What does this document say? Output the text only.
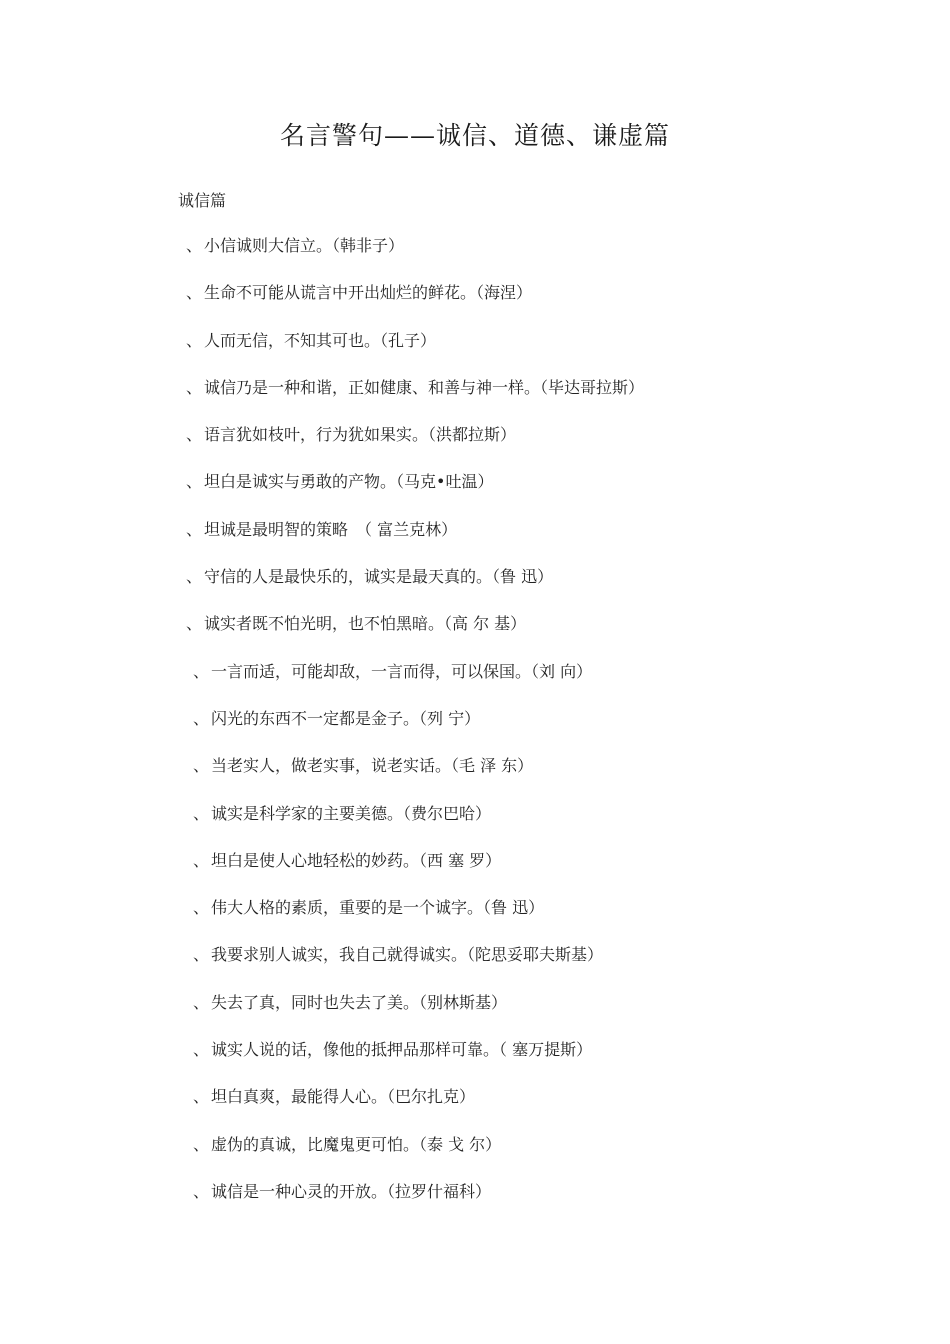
名言警句——诚信、道德、谦虚篇
诚信篇
、 小信诚则大信立。（韩非子）
、 生命不可能从谎言中开出灿烂的鲜花。（海涅）
、 人而无信，不知其可也。（孔子）
、 诚信乃是一种和谐，正如健康、和善与神一样。（毕达哥拉斯）
、 语言犹如枝叶，行为犹如果实。（洪都拉斯）
、 坦白是诚实与勇敢的产物。（马克•吐温）
、 坦诚是最明智的策略　（ 富兰克林）
、 守信的人是最快乐的，诚实是最天真的。（鲁 迅）
、 诚实者既不怕光明，也不怕黑暗。（高 尔 基）
、 一言而适，可能却敌，一言而得，可以保国。（刘 向）
、 闪光的东西不一定都是金子。（列 宁）
、 当老实人，做老实事，说老实话。（毛 泽 东）
、 诚实是科学家的主要美德。（费尔巴哈）
、 坦白是使人心地轻松的妙药。（西 塞 罗）
、 伟大人格的素质，重要的是一个诚字。（鲁 迅）
、 我要求别人诚实，我自己就得诚实。（陀思妥耶夫斯基）
、 失去了真，同时也失去了美。（别林斯基）
、 诚实人说的话，像他的抵押品那样可靠。（ 塞万提斯）
、 坦白真爽，最能得人心。（巴尔扎克）
、 虚伪的真诚，比魔鬼更可怕。（泰 戈 尔）
、 诚信是一种心灵的开放。（拉罗什福科）
